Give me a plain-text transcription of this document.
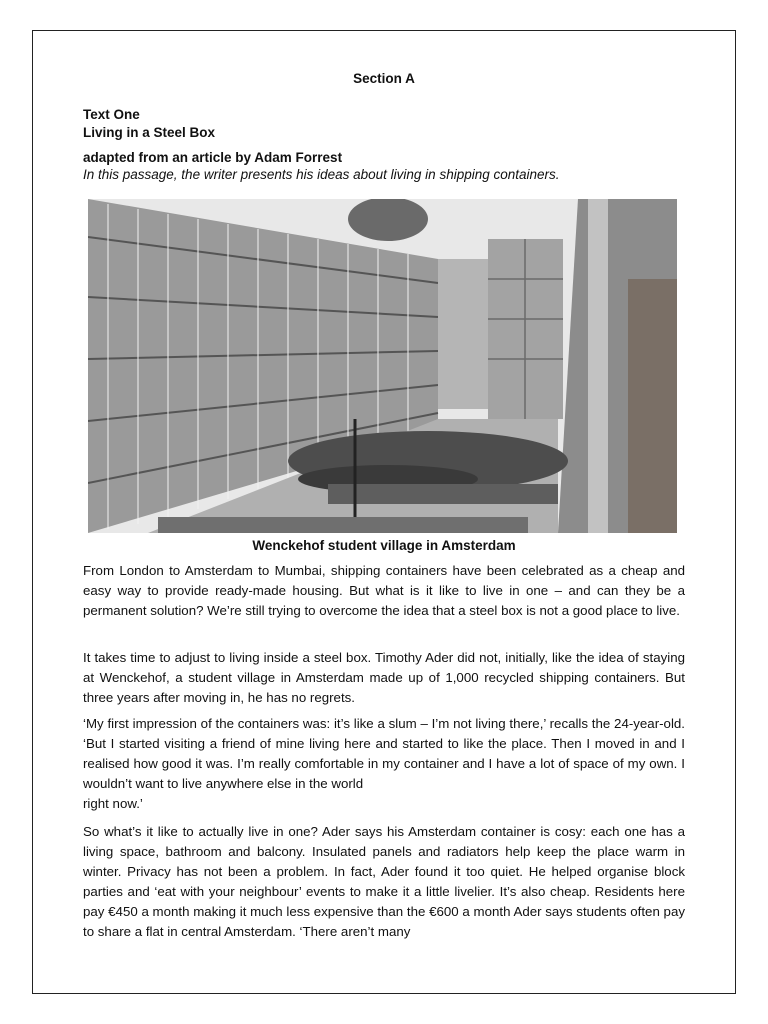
Section A
Text One
Living in a Steel Box
adapted from an article by Adam Forrest
In this passage, the writer presents his ideas about living in shipping containers.
Wenckehof student village in Amsterdam

From London to Amsterdam to Mumbai, shipping containers have been celebrated as a cheap and easy way to provide ready-made housing. But what is it like to live in one – and can they be a permanent solution? We’re still trying to overcome the idea that a steel box is not a good place to live.

It takes time to adjust to living inside a steel box. Timothy Ader did not, initially, like the idea of staying at Wenckehof, a student village in Amsterdam made up of 1,000 recycled shipping containers. But three years after moving in, he has no regrets.

‘My first impression of the containers was: it’s like a slum – I’m not living there,’ recalls the 24-year-old. ‘But I started visiting a friend of mine living here and started to like the place. Then I moved in and I realised how good it was. I’m really comfortable in my container and I have a lot of space of my own. I wouldn’t want to live anywhere else in the world

right now.’

So what’s it like to actually live in one? Ader says his Amsterdam container is cosy: each one has a living space, bathroom and balcony. Insulated panels and radiators help keep the place warm in winter. Privacy has not been a problem. In fact, Ader found it too quiet. He helped organise block parties and ‘eat with your neighbour’ events to make it a little livelier. It’s also cheap. Residents here pay €450 a month making it much less expensive than the €600 a month Ader says students often pay to share a flat in central Amsterdam. ‘There aren’t many
